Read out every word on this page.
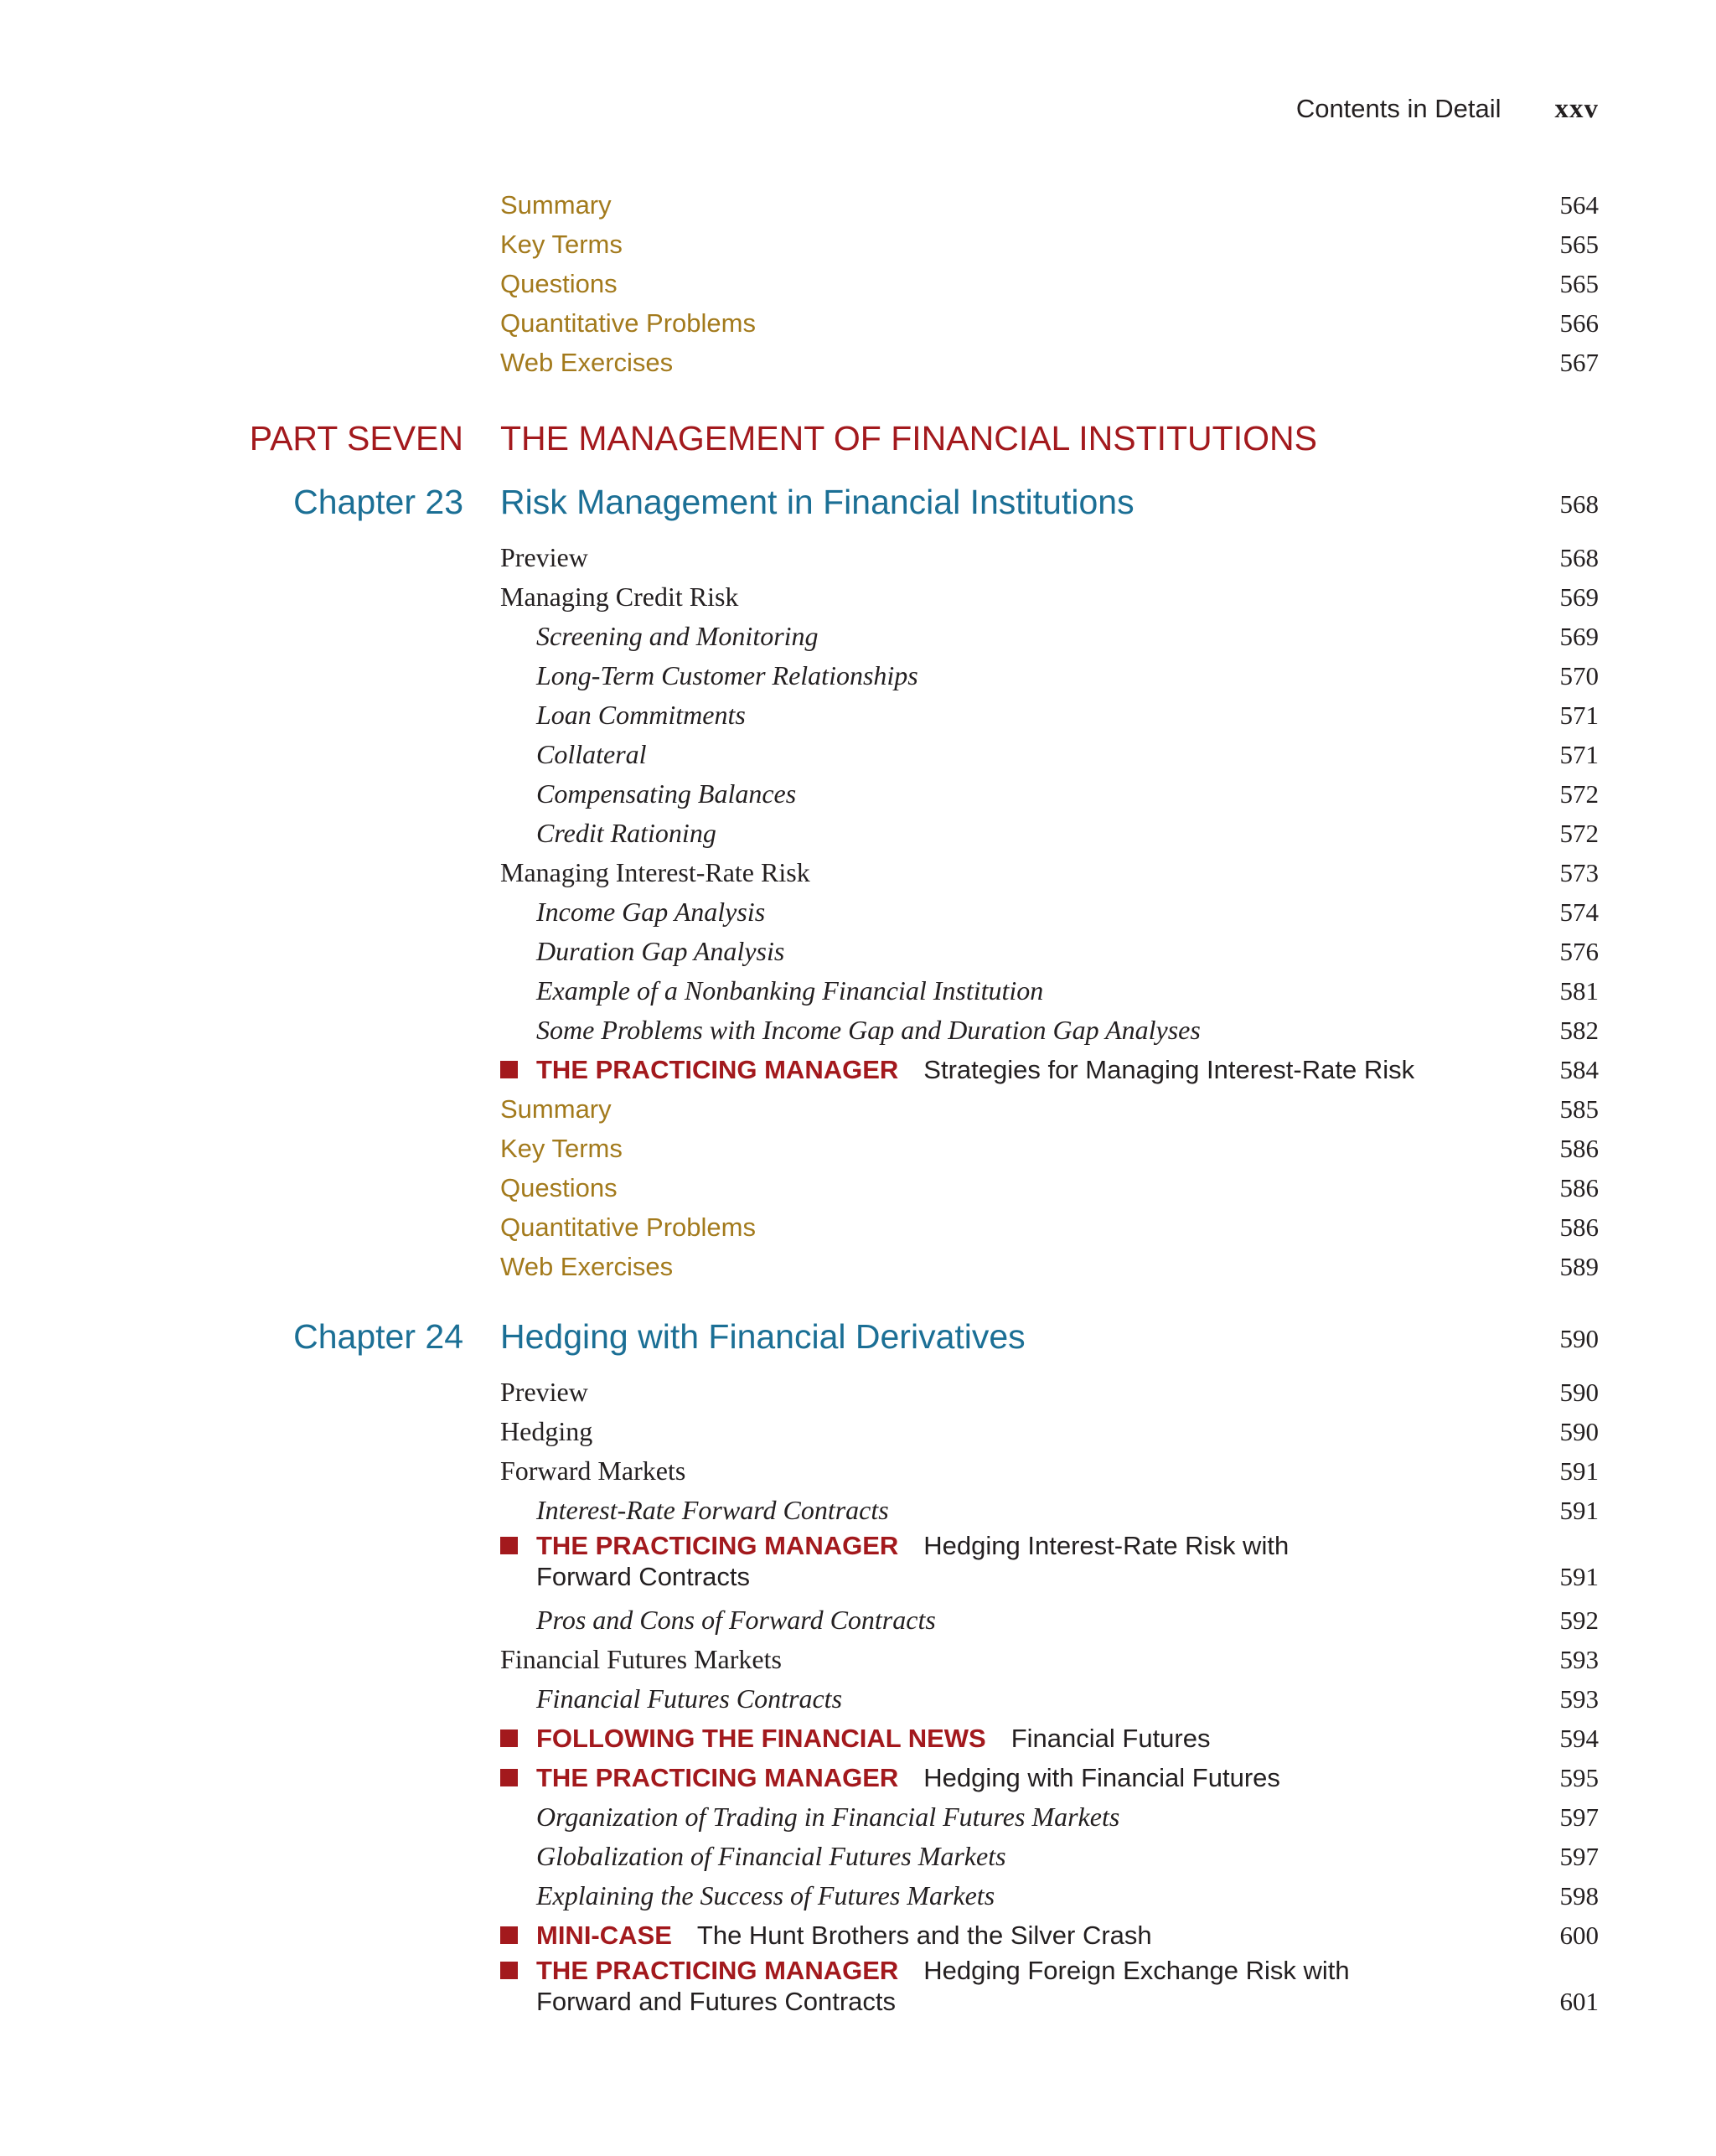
Contents in Detail xxv
Summary	564
Key Terms	565
Questions	565
Quantitative Problems	566
Web Exercises	567
PART SEVEN THE MANAGEMENT OF FINANCIAL INSTITUTIONS
Chapter 23 Risk Management in Financial Institutions	568
Preview	568
Managing Credit Risk	569
Screening and Monitoring	569
Long-Term Customer Relationships	570
Loan Commitments	571
Collateral	571
Compensating Balances	572
Credit Rationing	572
Managing Interest-Rate Risk	573
Income Gap Analysis	574
Duration Gap Analysis	576
Example of a Nonbanking Financial Institution	581
Some Problems with Income Gap and Duration Gap Analyses	582
THE PRACTICING MANAGER Strategies for Managing Interest-Rate Risk	584
Summary	585
Key Terms	586
Questions	586
Quantitative Problems	586
Web Exercises	589
Chapter 24 Hedging with Financial Derivatives	590
Preview	590
Hedging	590
Forward Markets	591
Interest-Rate Forward Contracts	591
THE PRACTICING MANAGER Hedging Interest-Rate Risk with
Forward Contracts	591
Pros and Cons of Forward Contracts	592
Financial Futures Markets	593
Financial Futures Contracts	593
FOLLOWING THE FINANCIAL NEWS Financial Futures	594
THE PRACTICING MANAGER Hedging with Financial Futures	595
Organization of Trading in Financial Futures Markets	597
Globalization of Financial Futures Markets	597
Explaining the Success of Futures Markets	598
MINI-CASE The Hunt Brothers and the Silver Crash	600
THE PRACTICING MANAGER Hedging Foreign Exchange Risk with
Forward and Futures Contracts	601
